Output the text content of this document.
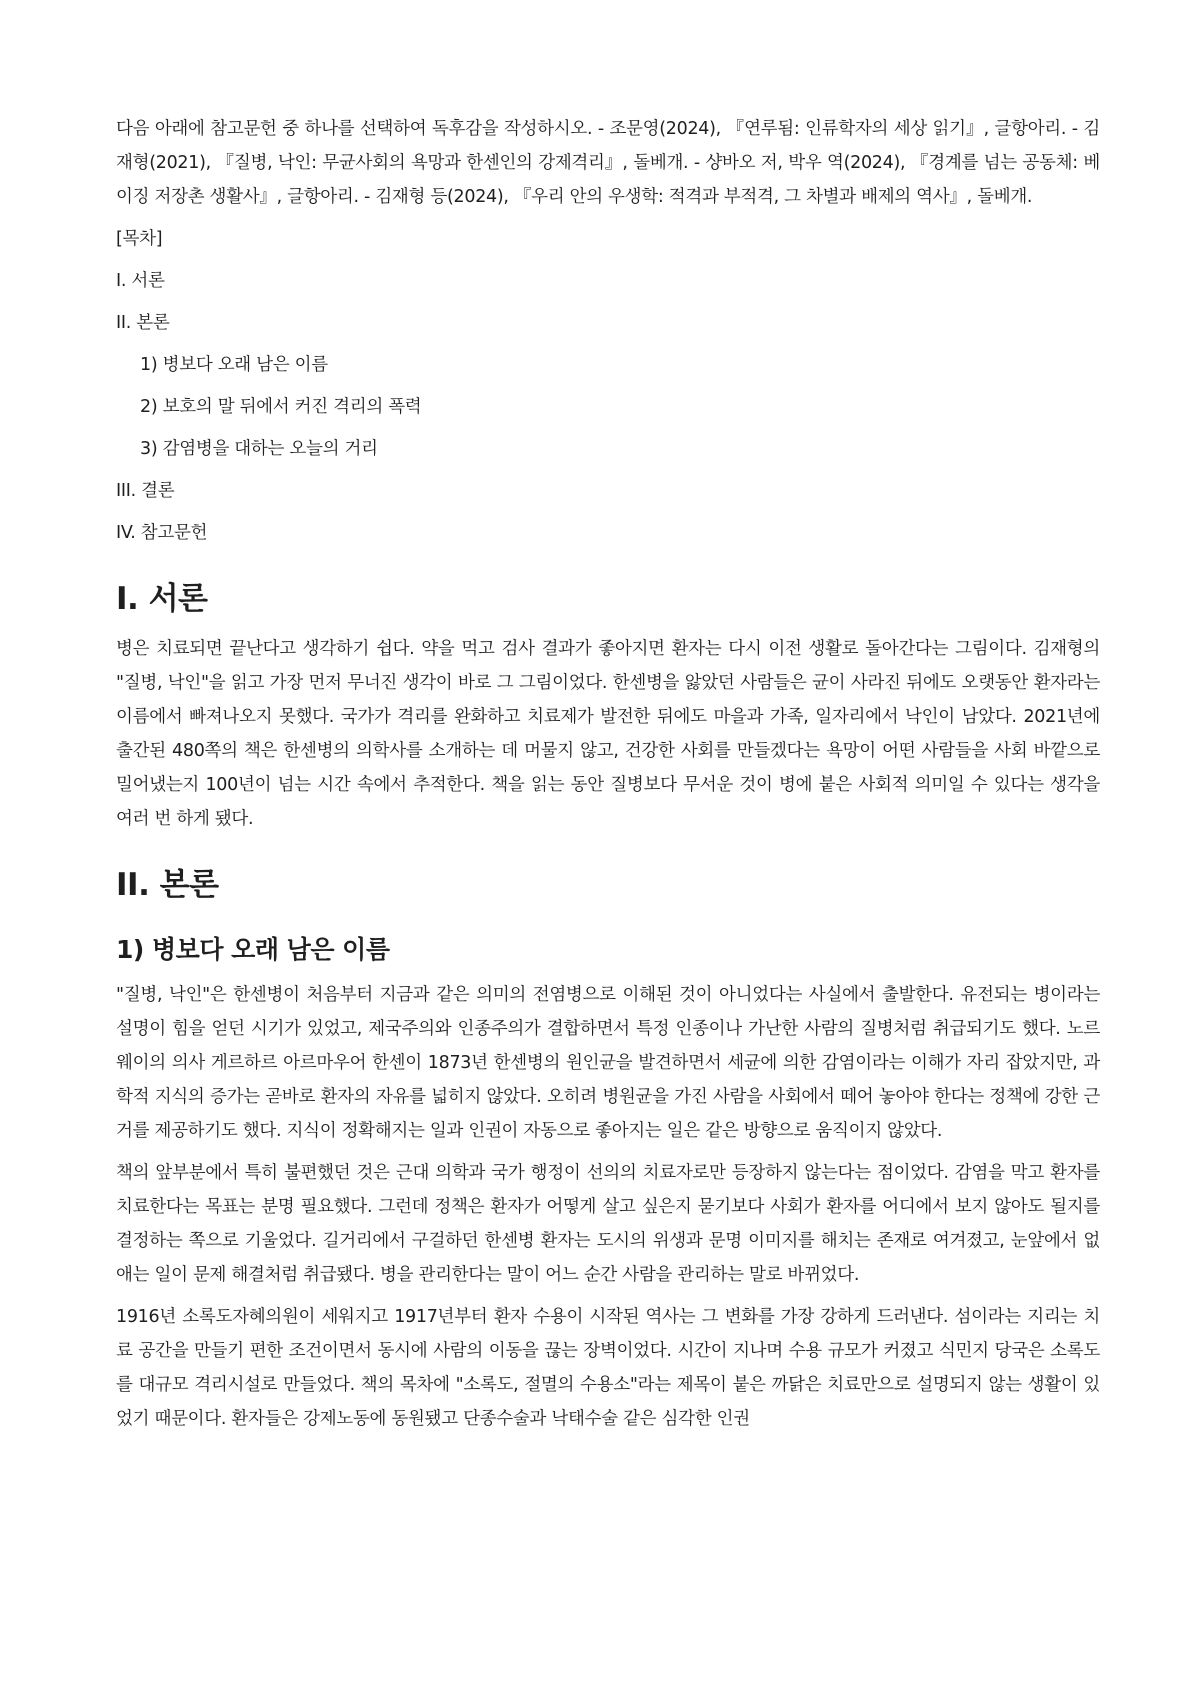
다음 아래에 참고문헌 중 하나를 선택하여 독후감을 작성하시오. - 조문영(2024), 『연루됨: 인류학자의 세상 읽기』, 글항아리. - 김재형(2021), 『질병, 낙인: 무균사회의 욕망과 한센인의 강제격리』, 돌베개. - 샹바오 저, 박우 역(2024), 『경계를 넘는 공동체: 베이징 저장촌 생활사』, 글항아리. - 김재형 등(2024), 『우리 안의 우생학: 적격과 부적격, 그 차별과 배제의 역사』, 돌베개.

[목차]
I. 서론
II. 본론
1) 병보다 오래 남은 이름
2) 보호의 말 뒤에서 커진 격리의 폭력
3) 감염병을 대하는 오늘의 거리
III. 결론
IV. 참고문헌
I. 서론

병은 치료되면 끝난다고 생각하기 쉽다. 약을 먹고 검사 결과가 좋아지면 환자는 다시 이전 생활로 돌아간다는 그림이다. 김재형의 "질병, 낙인"을 읽고 가장 먼저 무너진 생각이 바로 그 그림이었다. 한센병을 앓았던 사람들은 균이 사라진 뒤에도 오랫동안 환자라는 이름에서 빠져나오지 못했다. 국가가 격리를 완화하고 치료제가 발전한 뒤에도 마을과 가족, 일자리에서 낙인이 남았다. 2021년에 출간된 480쪽의 책은 한센병의 의학사를 소개하는 데 머물지 않고, 건강한 사회를 만들겠다는 욕망이 어떤 사람들을 사회 바깥으로 밀어냈는지 100년이 넘는 시간 속에서 추적한다. 책을 읽는 동안 질병보다 무서운 것이 병에 붙은 사회적 의미일 수 있다는 생각을 여러 번 하게 됐다.

II. 본론
1) 병보다 오래 남은 이름

"질병, 낙인"은 한센병이 처음부터 지금과 같은 의미의 전염병으로 이해된 것이 아니었다는 사실에서 출발한다. 유전되는 병이라는 설명이 힘을 얻던 시기가 있었고, 제국주의와 인종주의가 결합하면서 특정 인종이나 가난한 사람의 질병처럼 취급되기도 했다. 노르웨이의 의사 게르하르 아르마우어 한센이 1873년 한센병의 원인균을 발견하면서 세균에 의한 감염이라는 이해가 자리 잡았지만, 과학적 지식의 증가는 곧바로 환자의 자유를 넓히지 않았다. 오히려 병원균을 가진 사람을 사회에서 떼어 놓아야 한다는 정책에 강한 근거를 제공하기도 했다. 지식이 정확해지는 일과 인권이 자동으로 좋아지는 일은 같은 방향으로 움직이지 않았다.

책의 앞부분에서 특히 불편했던 것은 근대 의학과 국가 행정이 선의의 치료자로만 등장하지 않는다는 점이었다. 감염을 막고 환자를 치료한다는 목표는 분명 필요했다. 그런데 정책은 환자가 어떻게 살고 싶은지 묻기보다 사회가 환자를 어디에서 보지 않아도 될지를 결정하는 쪽으로 기울었다. 길거리에서 구걸하던 한센병 환자는 도시의 위생과 문명 이미지를 해치는 존재로 여겨졌고, 눈앞에서 없애는 일이 문제 해결처럼 취급됐다. 병을 관리한다는 말이 어느 순간 사람을 관리하는 말로 바뀌었다.

1916년 소록도자혜의원이 세워지고 1917년부터 환자 수용이 시작된 역사는 그 변화를 가장 강하게 드러낸다. 섬이라는 지리는 치료 공간을 만들기 편한 조건이면서 동시에 사람의 이동을 끊는 장벽이었다. 시간이 지나며 수용 규모가 커졌고 식민지 당국은 소록도를 대규모 격리시설로 만들었다. 책의 목차에 "소록도, 절멸의 수용소"라는 제목이 붙은 까닭은 치료만으로 설명되지 않는 생활이 있었기 때문이다. 환자들은 강제노동에 동원됐고 단종수술과 낙태수술 같은 심각한 인권
